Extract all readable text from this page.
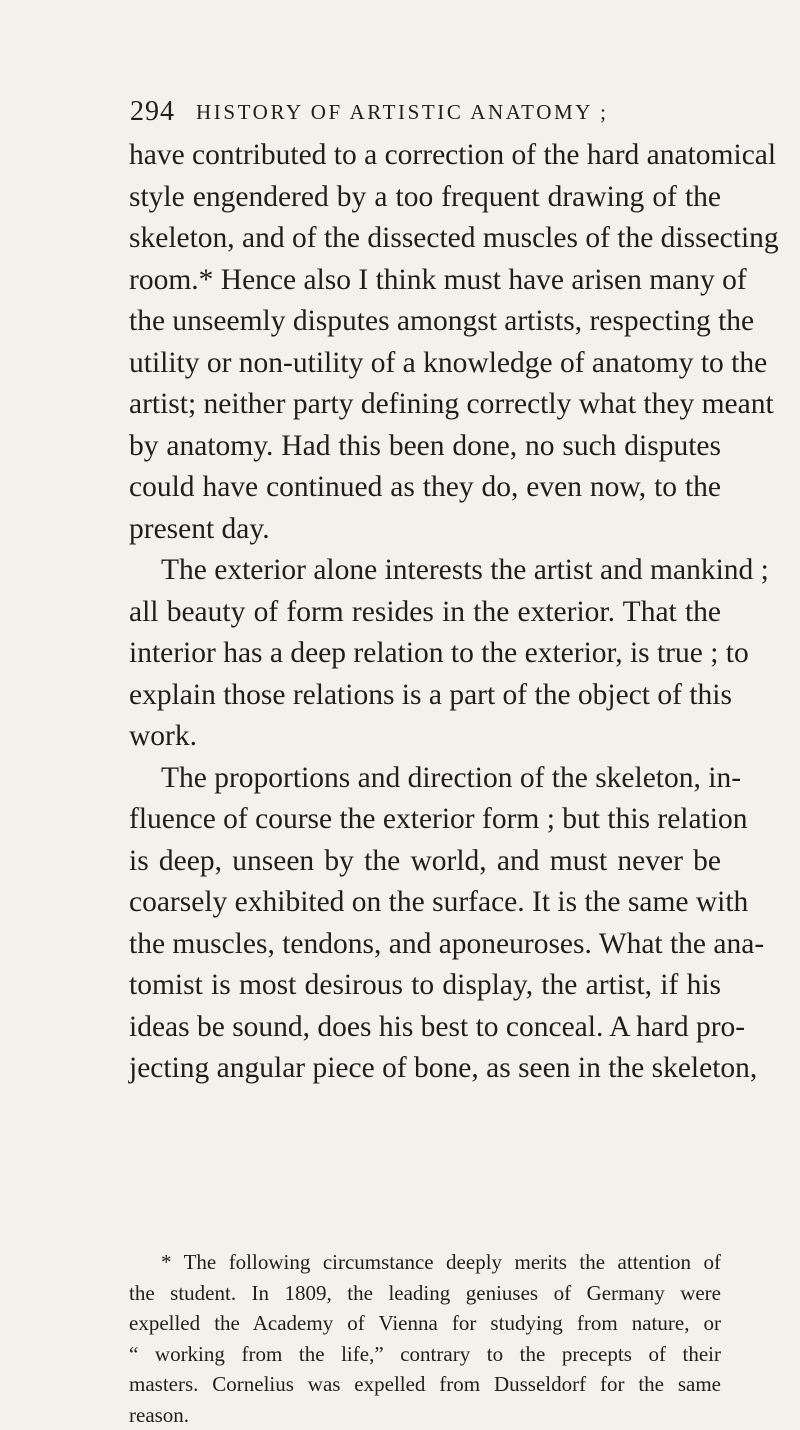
294 HISTORY OF ARTISTIC ANATOMY ;
have contributed to a correction of the hard anatomical
style engendered by a too frequent drawing of the
skeleton, and of the dissected muscles of the dissecting
room.* Hence also I think must have arisen many of
the unseemly disputes amongst artists, respecting the
utility or non-utility of a knowledge of anatomy to the
artist; neither party defining correctly what they meant
by anatomy. Had this been done, no such disputes
could have continued as they do, even now, to the
present day.
The exterior alone interests the artist and mankind ;
all beauty of form resides in the exterior. That the
interior has a deep relation to the exterior, is true ; to
explain those relations is a part of the object of this
work.
The proportions and direction of the skeleton, in-
fluence of course the exterior form ; but this relation
is deep, unseen by the world, and must never be
coarsely exhibited on the surface. It is the same with
the muscles, tendons, and aponeuroses. What the ana-
tomist is most desirous to display, the artist, if his
ideas be sound, does his best to conceal. A hard pro-
jecting angular piece of bone, as seen in the skeleton,
* The following circumstance deeply merits the attention of
the student. In 1809, the leading geniuses of Germany were
expelled the Academy of Vienna for studying from nature, or
“ working from the life,” contrary to the precepts of their
masters. Cornelius was expelled from Dusseldorf for the same
reason.
